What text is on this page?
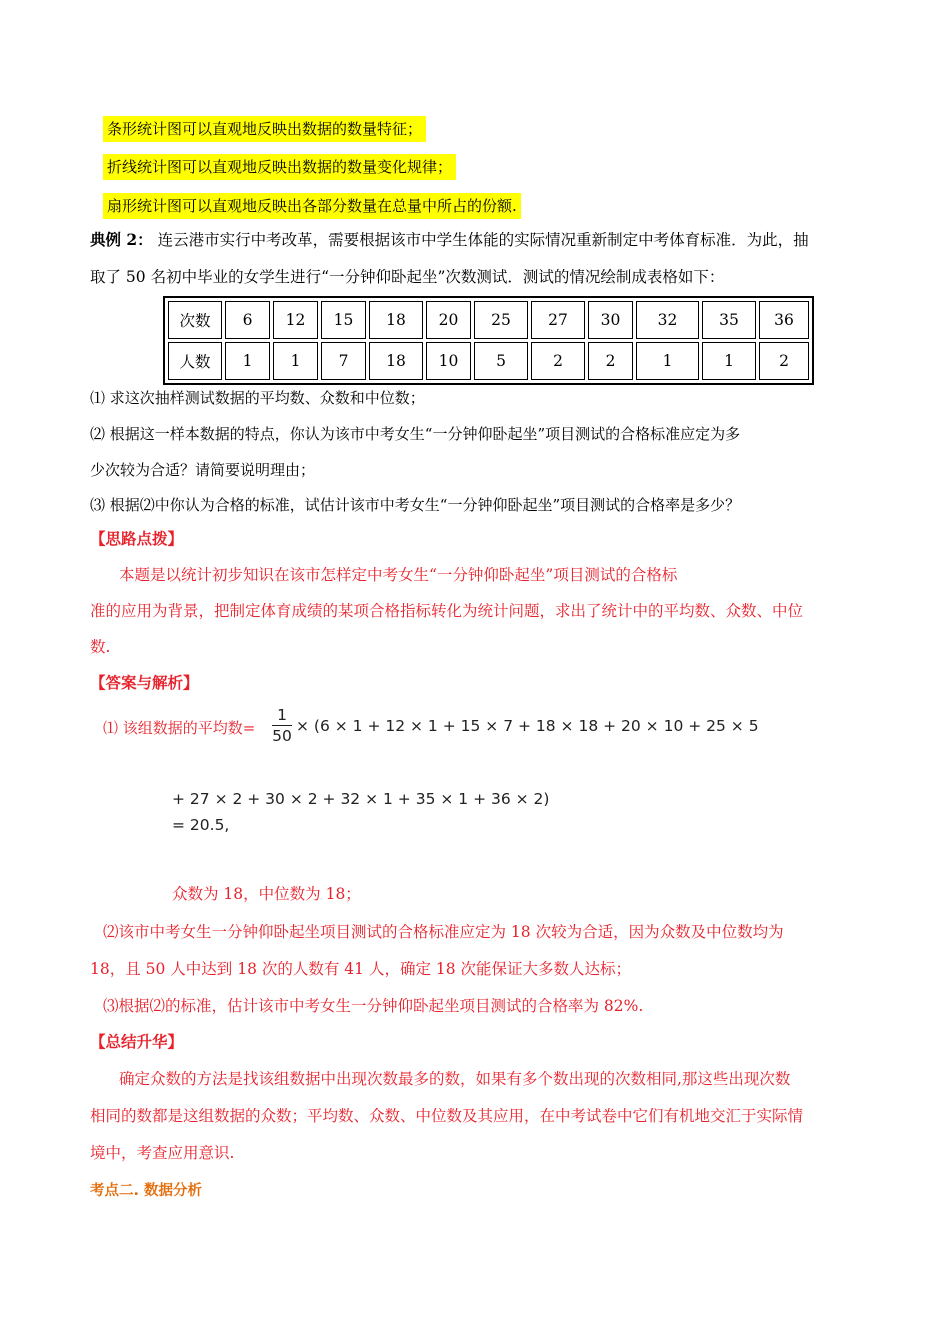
条形统计图可以直观地反映出数据的数量特征；
折线统计图可以直观地反映出数据的数量变化规律；
扇形统计图可以直观地反映出各部分数量在总量中所占的份额.
典例 2： 连云港市实行中考改革，需要根据该市中学生体能的实际情况重新制定中考体育标准．为此，抽
取了 50 名初中毕业的女学生进行“一分钟仰卧起坐”次数测试．测试的情况绘制成表格如下：
次数	6	12	15	18	20	25	27	30	32	35	36
人数	1	1	7	18	10	5	2	2	1	1	2
⑴ 求这次抽样测试数据的平均数、众数和中位数；
⑵ 根据这一样本数据的特点，你认为该市中考女生“一分钟仰卧起坐”项目测试的合格标准应定为多
少次较为合适？请简要说明理由；
⑶ 根据⑵中你认为合格的标准，试估计该市中考女生“一分钟仰卧起坐”项目测试的合格率是多少？
【思路点拨】
本题是以统计初步知识在该市怎样定中考女生“一分钟仰卧起坐”项目测试的合格标
准的应用为背景，把制定体育成绩的某项合格指标转化为统计问题，求出了统计中的平均数、众数、中位
数.
【答案与解析】
⑴ 该组数据的平均数=
1
50
× (6 × 1 + 12 × 1 + 15 × 7 + 18 × 18 + 20 × 10 + 25 × 5
+ 27 × 2 + 30 × 2 + 32 × 1 + 35 × 1 + 36 × 2)
= 20.5,
众数为 18，中位数为 18；
⑵该市中考女生一分钟仰卧起坐项目测试的合格标准应定为 18 次较为合适，因为众数及中位数均为
18，且 50 人中达到 18 次的人数有 41 人，确定 18 次能保证大多数人达标；
⑶根据⑵的标准，估计该市中考女生一分钟仰卧起坐项目测试的合格率为 82%.
【总结升华】
确定众数的方法是找该组数据中出现次数最多的数，如果有多个数出现的次数相同,那这些出现次数
相同的数都是这组数据的众数；平均数、众数、中位数及其应用，在中考试卷中它们有机地交汇于实际情
境中，考查应用意识.
考点二. 数据分析
